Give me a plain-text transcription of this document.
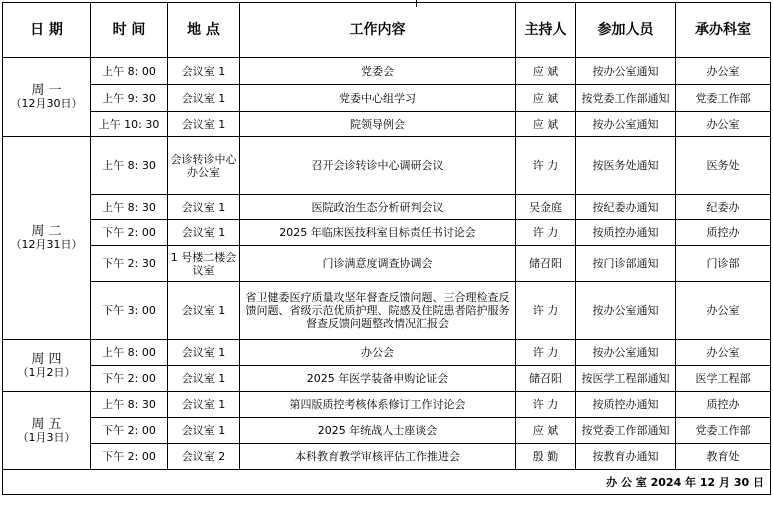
日 期	时 间	地 点	工作内容	主持人	参加人员	承办科室

周 一
（12月30日）	上午 8: 00	会议室 1	党委会	应 斌	按办公室通知	办公室
	上午 9: 30	会议室 1	党委中心组学习	应 斌	按党委工作部通知	党委工作部
	上午 10: 30	会议室 1	院领导例会	应 斌	按办公室通知	办公室

周 二
（12月31日）	上午 8: 30	会诊转诊中心办公室	召开会诊转诊中心调研会议	许 力	按医务处通知	医务处
	上午 8: 30	会议室 1	医院政治生态分析研判会议	吴金庭	按纪委办通知	纪委办
	下午 2: 00	会议室 1	2025 年临床医技科室目标责任书讨论会	许 力	按质控办通知	质控办
	下午 2: 30	1 号楼二楼会议室	门诊满意度调查协调会	储召阳	按门诊部通知	门诊部
	下午 3: 00	会议室 1	省卫健委医疗质量攻坚年督查反馈问题、三合理检查反馈问题、省级示范优质护理、院感及住院患者陪护服务督查反馈问题整改情况汇报会	许 力	按办公室通知	办公室

周 四
（1月2日）	上午 8: 00	会议室 1	办公会	许 力	按办公室通知	办公室
	下午 2: 00	会议室 1	2025 年医学装备申购论证会	储召阳	按医学工程部通知	医学工程部

周 五
（1月3日）	上午 8: 30	会议室 1	第四版质控考核体系修订工作讨论会	许 力	按质控办通知	质控办
	下午 2: 00	会议室 1	2025 年统战人士座谈会	应 斌	按党委工作部通知	党委工作部
	下午 2: 00	会议室 2	本科教育教学审核评估工作推进会	殷 勤	按教育办通知	教育处
办 公 室 2024 年 12 月 30 日						
